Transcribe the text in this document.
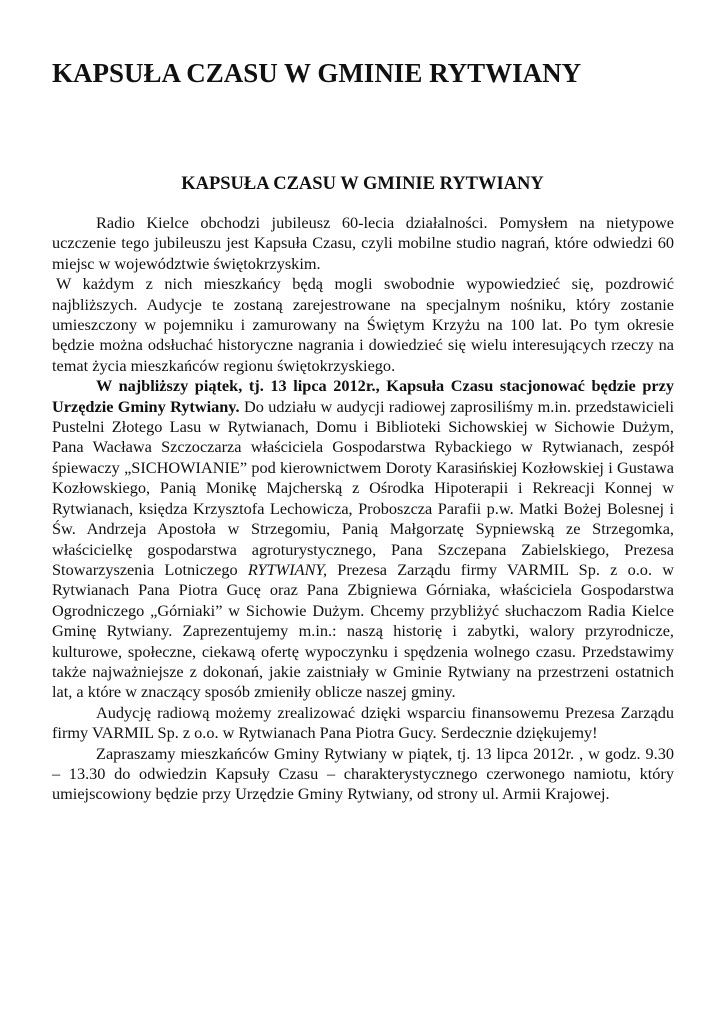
KAPSUŁA CZASU W GMINIE RYTWIANY
KAPSUŁA CZASU W GMINIE RYTWIANY

Radio Kielce obchodzi jubileusz 60-lecia działalności. Pomysłem na nietypowe uczczenie tego jubileuszu jest Kapsuła Czasu, czyli mobilne studio nagrań, które odwiedzi 60 miejsc w województwie świętokrzyskim.

W każdym z nich mieszkańcy będą mogli swobodnie wypowiedzieć się, pozdrowić najbliższych. Audycje te zostaną zarejestrowane na specjalnym nośniku, który zostanie umieszczony w pojemniku i zamurowany na Świętym Krzyżu na 100 lat. Po tym okresie będzie można odsłuchać historyczne nagrania i dowiedzieć się wielu interesujących rzeczy na temat życia mieszkańców regionu świętokrzyskiego.

W najbliższy piątek, tj. 13 lipca 2012r., Kapsuła Czasu stacjonować będzie przy Urzędzie Gminy Rytwiany. Do udziału w audycji radiowej zaprosiliśmy m.in. przedstawicieli Pustelni Złotego Lasu w Rytwianach, Domu i Biblioteki Sichowskiej w Sichowie Dużym, Pana Wacława Szczoczarza właściciela Gospodarstwa Rybackiego w Rytwianach, zespół śpiewaczy „SICHOWIANIE” pod kierownictwem Doroty Karasińskiej Kozłowskiej i Gustawa Kozłowskiego, Panią Monikę Majcherską z Ośrodka Hipoterapii i Rekreacji Konnej w Rytwianach, księdza Krzysztofa Lechowicza, Proboszcza Parafii p.w. Matki Bożej Bolesnej i Św. Andrzeja Apostoła w Strzegomiu, Panią Małgorzatę Sypniewską ze Strzegomka, właścicielkę gospodarstwa agroturystycznego, Pana Szczepana Zabielskiego, Prezesa Stowarzyszenia Lotniczego RYTWIANY, Prezesa Zarządu firmy VARMIL Sp. z o.o. w Rytwianach Pana Piotra Gucę oraz Pana Zbigniewa Górniaka, właściciela Gospodarstwa Ogrodniczego „Górniaki” w Sichowie Dużym. Chcemy przybliżyć słuchaczom Radia Kielce Gminę Rytwiany. Zaprezentujemy m.in.: naszą historię i zabytki, walory przyrodnicze, kulturowe, społeczne, ciekawą ofertę wypoczynku i spędzenia wolnego czasu. Przedstawimy także najważniejsze z dokonań, jakie zaistniały w Gminie Rytwiany na przestrzeni ostatnich lat, a które w znaczący sposób zmieniły oblicze naszej gminy.

Audycję radiową możemy zrealizować dzięki wsparciu finansowemu Prezesa Zarządu firmy VARMIL Sp. z o.o. w Rytwianach Pana Piotra Gucy. Serdecznie dziękujemy!

Zapraszamy mieszkańców Gminy Rytwiany w piątek, tj. 13 lipca 2012r. , w godz. 9.30 – 13.30 do odwiedzin Kapsuły Czasu – charakterystycznego czerwonego namiotu, który umiejscowiony będzie przy Urzędzie Gminy Rytwiany, od strony ul. Armii Krajowej.
